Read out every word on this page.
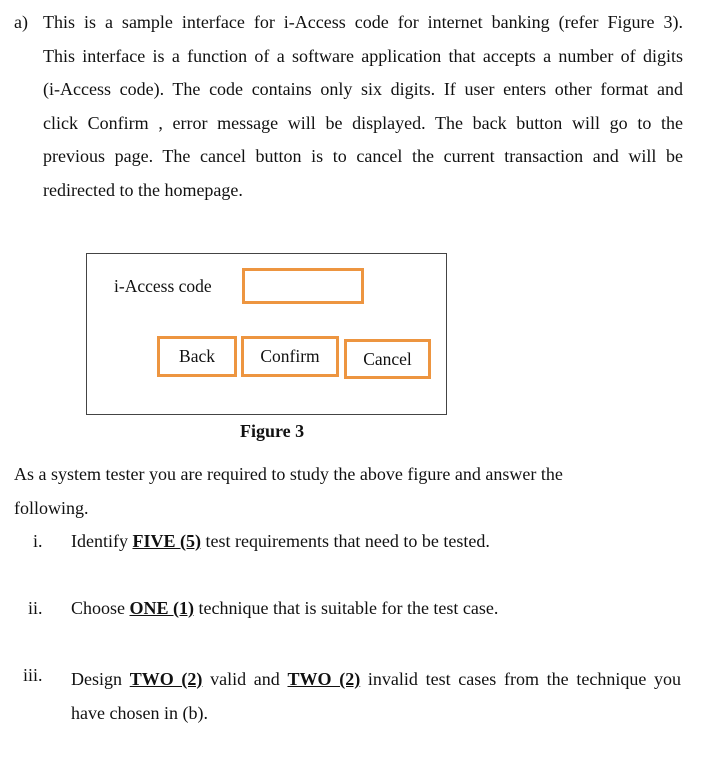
a) This is a sample interface for i-Access code for internet banking (refer Figure 3).
This interface is a function of a software application that accepts a number of digits
(i-Access code). The code contains only six digits. If user enters other format and
click Confirm , error message will be displayed. The back button will go to the
previous page. The cancel button is to cancel the current transaction and will be
redirected to the homepage.
i-Access code
Back	Confirm	Cancel
Figure 3
As a system tester you are required to study the above figure and answer the
following.
i. Identify FIVE (5) test requirements that need to be tested.
ii. Choose ONE (1) technique that is suitable for the test case.
iii. Design TWO (2) valid and TWO (2) invalid test cases from the technique you
have chosen in (b).
